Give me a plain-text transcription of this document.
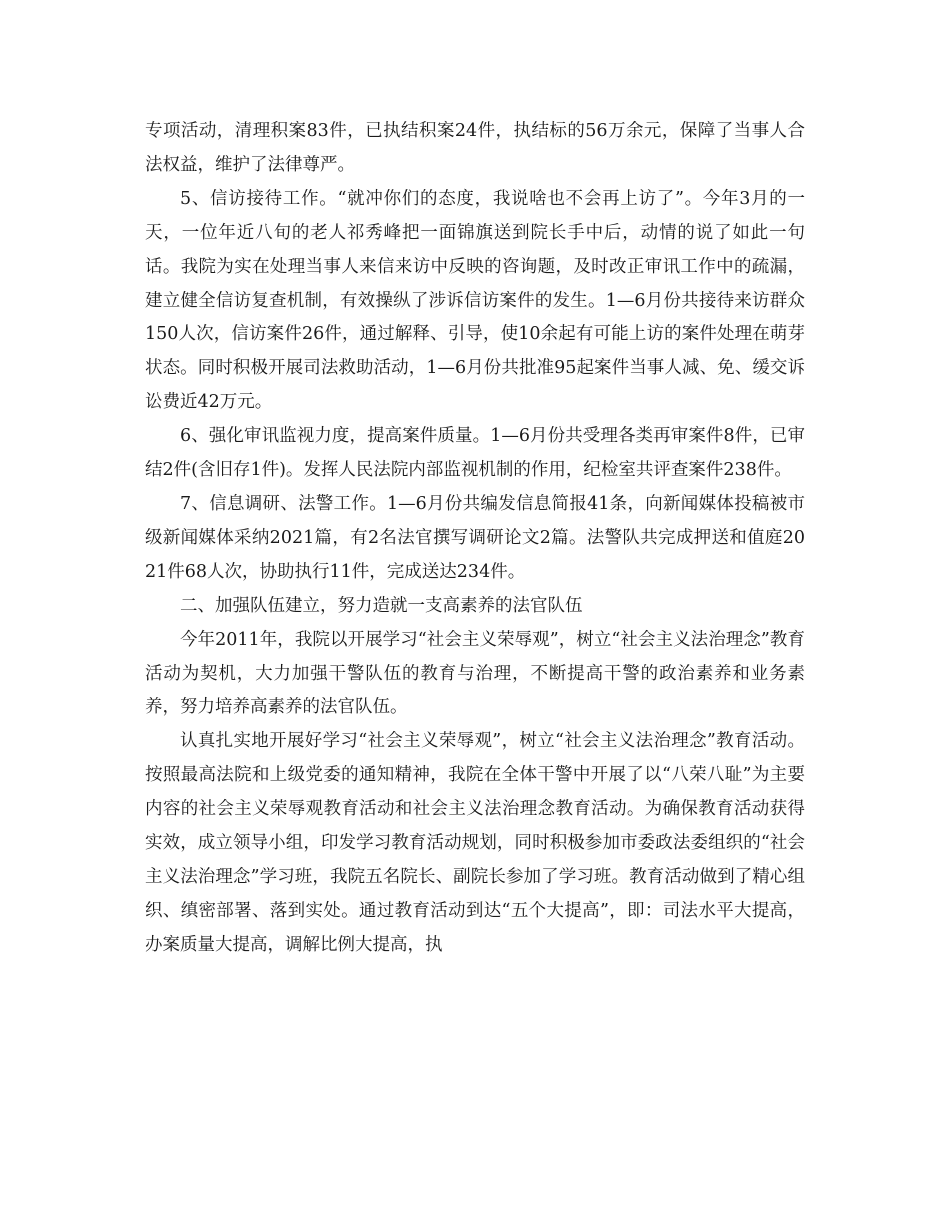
专项活动，清理积案83件，已执结积案24件，执结标的56万余元，保障了当事人合法权益，维护了法律尊严。

5、信访接待工作。“就冲你们的态度，我说啥也不会再上访了”。今年3月的一天，一位年近八旬的老人祁秀峰把一面锦旗送到院长手中后，动情的说了如此一句话。我院为实在处理当事人来信来访中反映的咨询题，及时改正审讯工作中的疏漏，建立健全信访复查机制，有效操纵了涉诉信访案件的发生。1—6月份共接待来访群众150人次，信访案件26件，通过解释、引导，使10余起有可能上访的案件处理在萌芽状态。同时积极开展司法救助活动，1—6月份共批准95起案件当事人减、免、缓交诉讼费近42万元。

6、强化审讯监视力度，提高案件质量。1—6月份共受理各类再审案件8件，已审结2件(含旧存1件)。发挥人民法院内部监视机制的作用，纪检室共评查案件238件。

7、信息调研、法警工作。1—6月份共编发信息简报41条，向新闻媒体投稿被市级新闻媒体采纳2021篇，有2名法官撰写调研论文2篇。法警队共完成押送和值庭2021件68人次，协助执行11件，完成送达234件。

二、加强队伍建立，努力造就一支高素养的法官队伍

今年2011年，我院以开展学习“社会主义荣辱观”，树立“社会主义法治理念”教育活动为契机，大力加强干警队伍的教育与治理，不断提高干警的政治素养和业务素养，努力培养高素养的法官队伍。

认真扎实地开展好学习“社会主义荣辱观”，树立“社会主义法治理念”教育活动。按照最高法院和上级党委的通知精神，我院在全体干警中开展了以“八荣八耻”为主要内容的社会主义荣辱观教育活动和社会主义法治理念教育活动。为确保教育活动获得实效，成立领导小组，印发学习教育活动规划，同时积极参加市委政法委组织的“社会主义法治理念”学习班，我院五名院长、副院长参加了学习班。教育活动做到了精心组织、缜密部署、落到实处。通过教育活动到达“五个大提高”，即：司法水平大提高，办案质量大提高，调解比例大提高，执
